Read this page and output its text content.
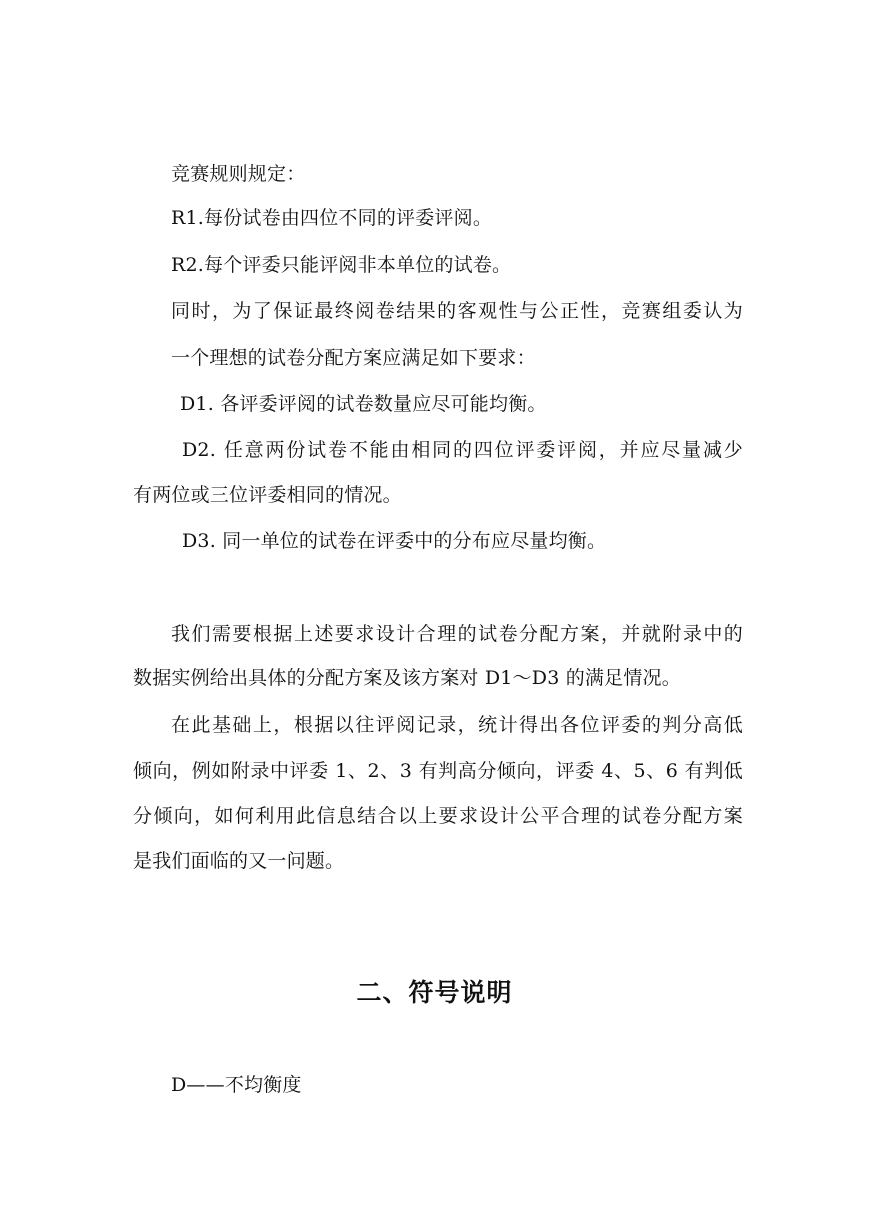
竞赛规则规定：
R1.每份试卷由四位不同的评委评阅。
R2.每个评委只能评阅非本单位的试卷。
同时，为了保证最终阅卷结果的客观性与公正性，竞赛组委认为
一个理想的试卷分配方案应满足如下要求：
D1. 各评委评阅的试卷数量应尽可能均衡。
D2. 任意两份试卷不能由相同的四位评委评阅，并应尽量减少
有两位或三位评委相同的情况。
D3. 同一单位的试卷在评委中的分布应尽量均衡。
我们需要根据上述要求设计合理的试卷分配方案，并就附录中的
数据实例给出具体的分配方案及该方案对 D1～D3 的满足情况。
在此基础上，根据以往评阅记录，统计得出各位评委的判分高低
倾向，例如附录中评委 1、2、3 有判高分倾向，评委 4、5、6 有判低
分倾向，如何利用此信息结合以上要求设计公平合理的试卷分配方案
是我们面临的又一问题。
二、符号说明
D——不均衡度
